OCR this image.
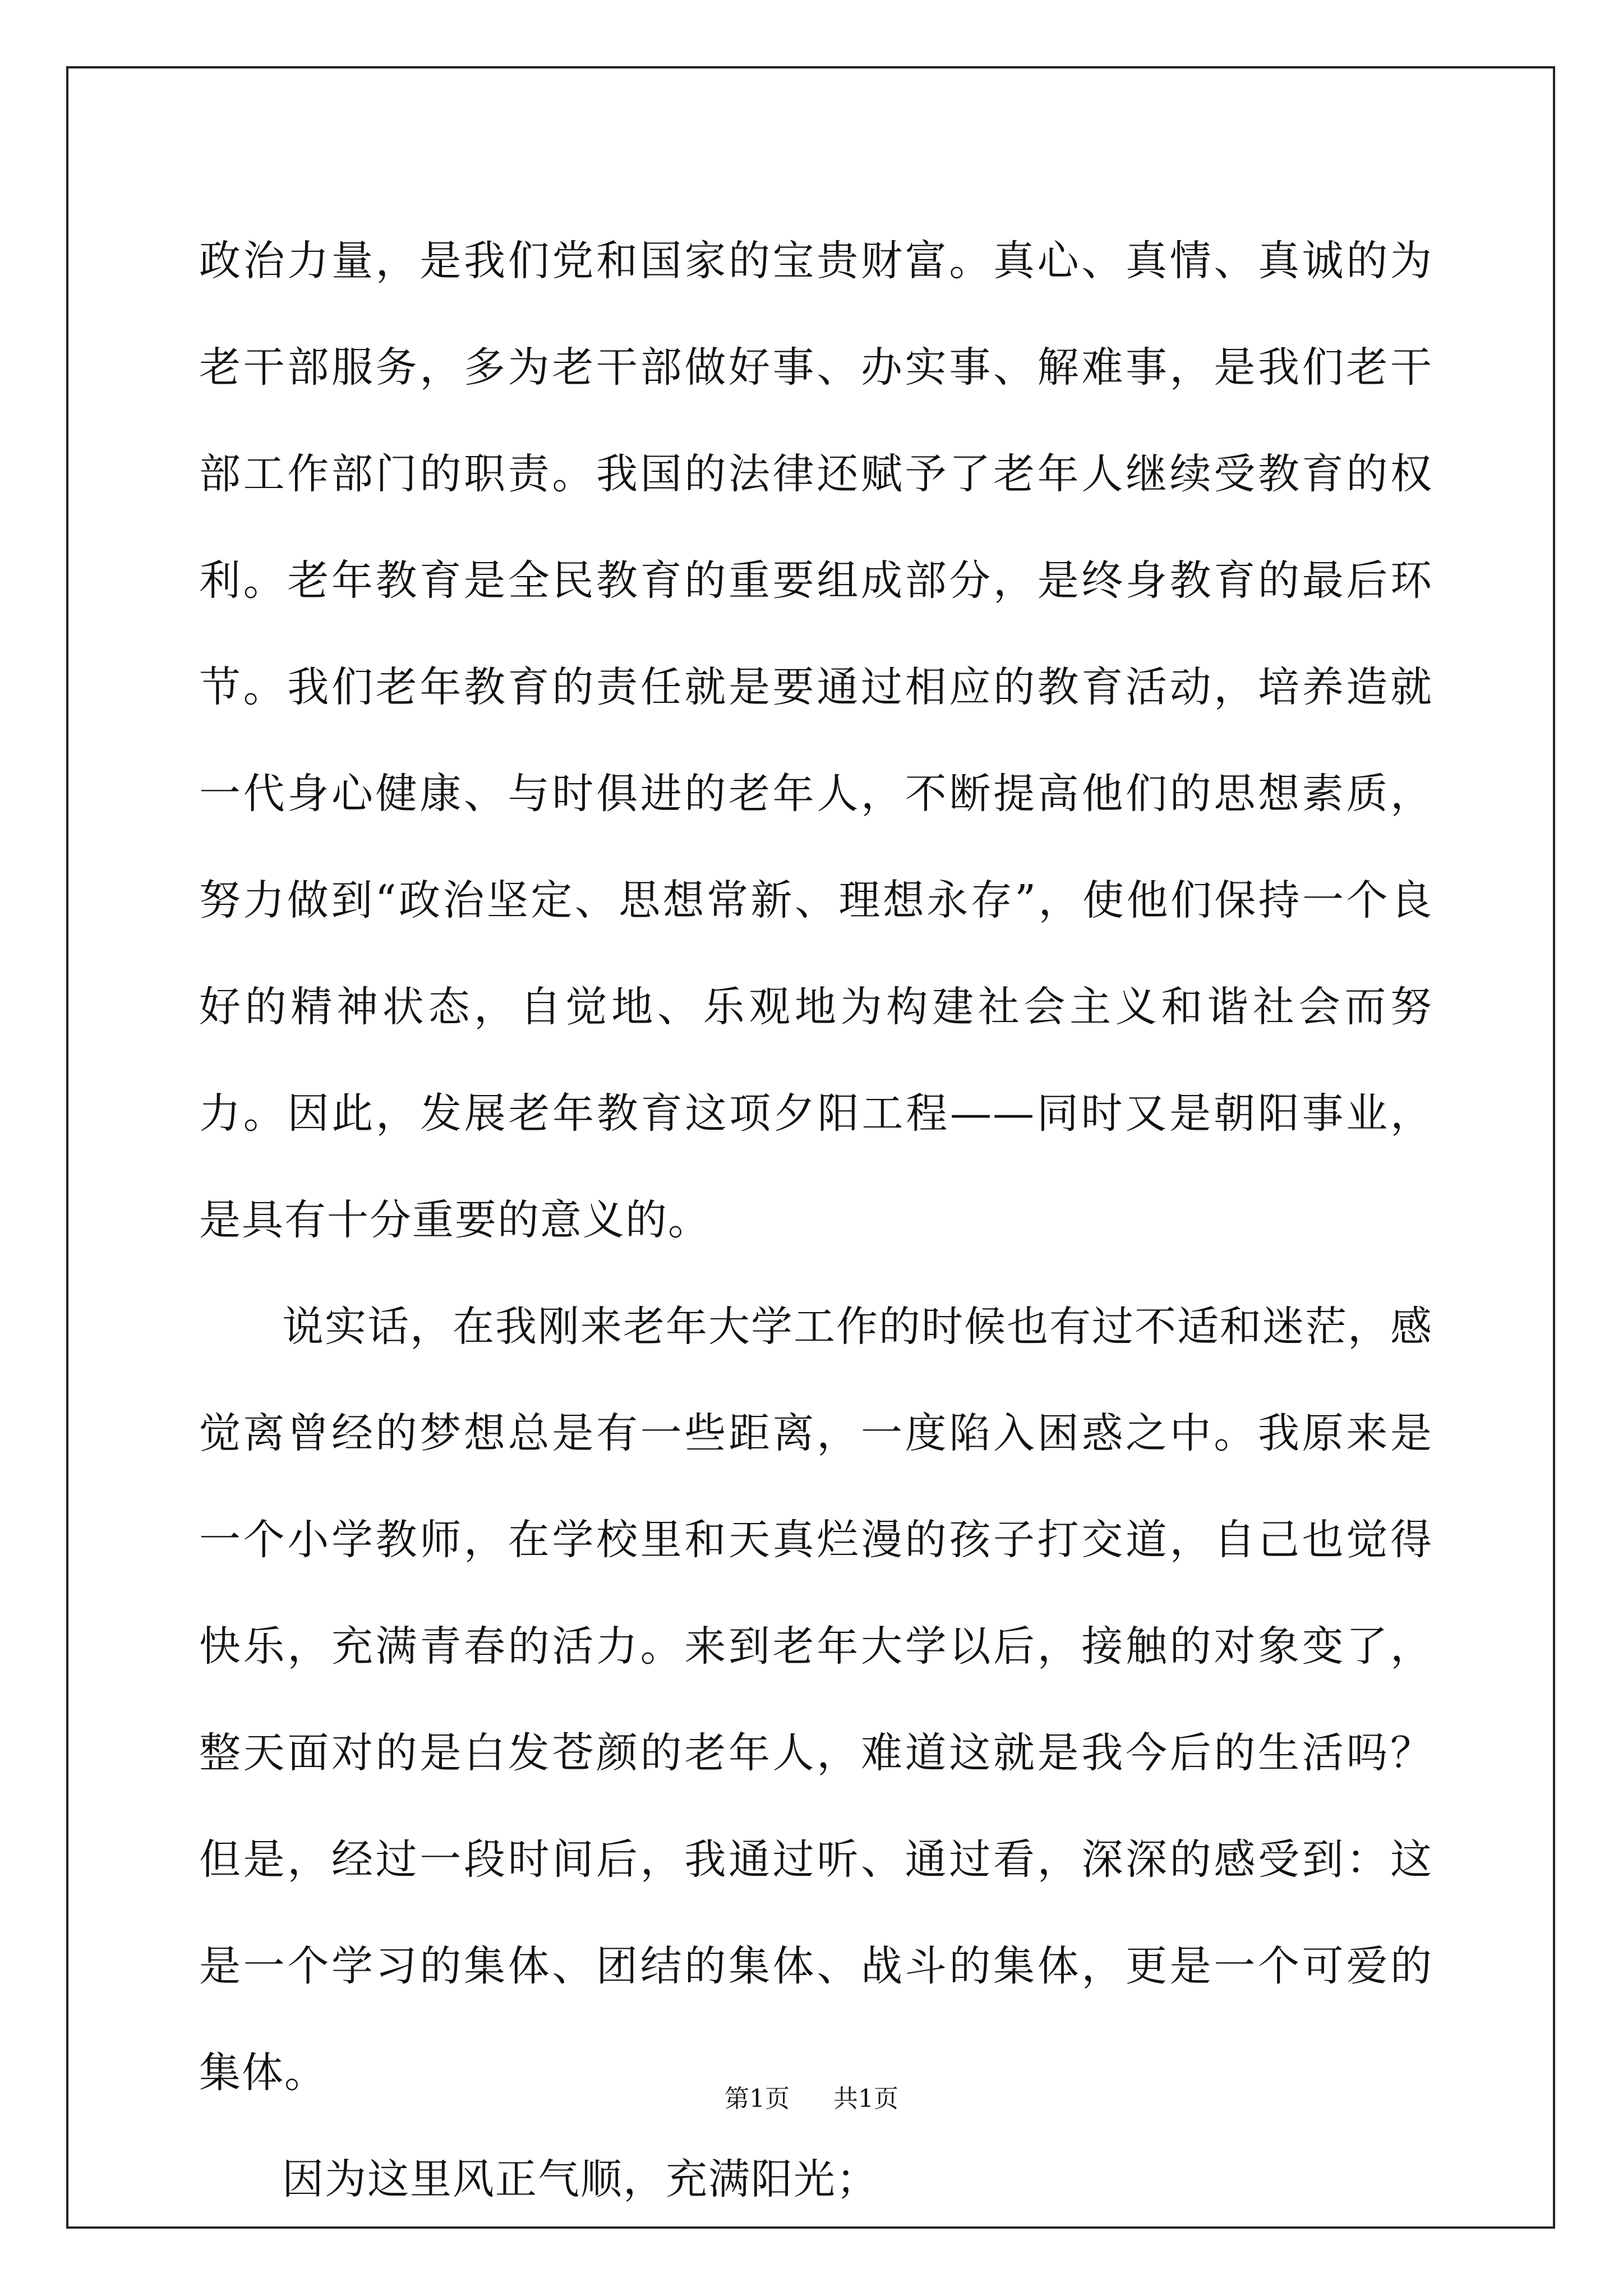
政治力量，是我们党和国家的宝贵财富。真心、真情、真诚的为老干部服务，多为老干部做好事、办实事、解难事，是我们老干部工作部门的职责。我国的法律还赋予了老年人继续受教育的权利。老年教育是全民教育的重要组成部分，是终身教育的最后环节。我们老年教育的责任就是要通过相应的教育活动，培养造就一代身心健康、与时俱进的老年人，不断提高他们的思想素质，努力做到“政治坚定、思想常新、理想永存”，使他们保持一个良好的精神状态，自觉地、乐观地为构建社会主义和谐社会而努力。因此，发展老年教育这项夕阳工程——同时又是朝阳事业，是具有十分重要的意义的。

说实话，在我刚来老年大学工作的时候也有过不适和迷茫，感觉离曾经的梦想总是有一些距离，一度陷入困惑之中。我原来是一个小学教师，在学校里和天真烂漫的孩子打交道，自己也觉得快乐，充满青春的活力。来到老年大学以后，接触的对象变了，整天面对的是白发苍颜的老年人，难道这就是我今后的生活吗？但是，经过一段时间后，我通过听、通过看，深深的感受到：这是一个学习的集体、团结的集体、战斗的集体，更是一个可爱的集体。

因为这里风正气顺，充满阳光；

第1页 共1页
